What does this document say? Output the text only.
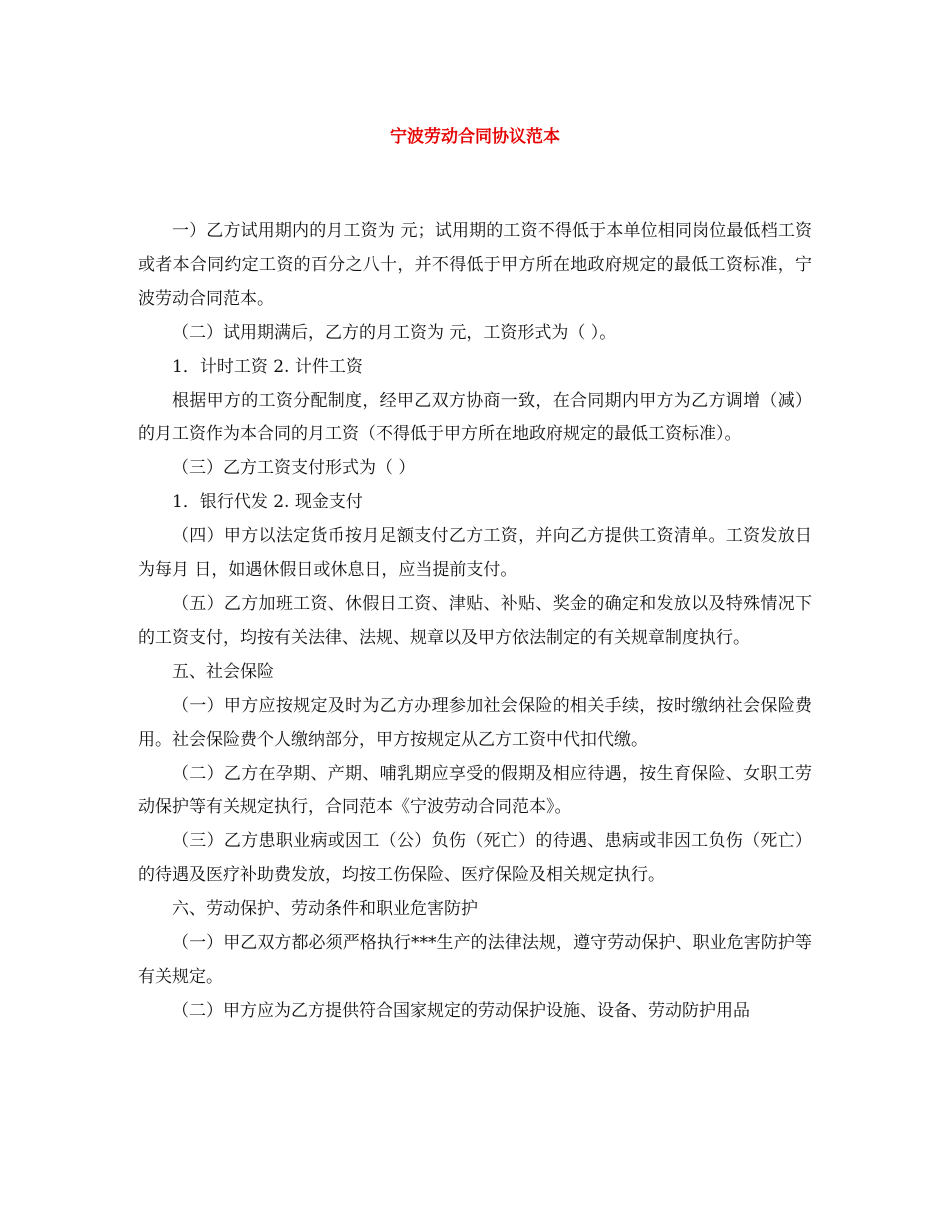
宁波劳动合同协议范本

一）乙方试用期内的月工资为 元；试用期的工资不得低于本单位相同岗位最低档工资或者本合同约定工资的百分之八十，并不得低于甲方所在地政府规定的最低工资标准，宁波劳动合同范本。

（二）试用期满后，乙方的月工资为 元，工资形式为（ ）。

1．计时工资 2. 计件工资

根据甲方的工资分配制度，经甲乙双方协商一致，在合同期内甲方为乙方调增（减）的月工资作为本合同的月工资（不得低于甲方所在地政府规定的最低工资标准）。

（三）乙方工资支付形式为（ ）

1．银行代发 2. 现金支付

（四）甲方以法定货币按月足额支付乙方工资，并向乙方提供工资清单。工资发放日为每月 日，如遇休假日或休息日，应当提前支付。

（五）乙方加班工资、休假日工资、津贴、补贴、奖金的确定和发放以及特殊情况下的工资支付，均按有关法律、法规、规章以及甲方依法制定的有关规章制度执行。

五、社会保险

（一）甲方应按规定及时为乙方办理参加社会保险的相关手续，按时缴纳社会保险费用。社会保险费个人缴纳部分，甲方按规定从乙方工资中代扣代缴。

（二）乙方在孕期、产期、哺乳期应享受的假期及相应待遇，按生育保险、女职工劳动保护等有关规定执行，合同范本《宁波劳动合同范本》。

（三）乙方患职业病或因工（公）负伤（死亡）的待遇、患病或非因工负伤（死亡）的待遇及医疗补助费发放，均按工伤保险、医疗保险及相关规定执行。

六、劳动保护、劳动条件和职业危害防护

（一）甲乙双方都必须严格执行***生产的法律法规，遵守劳动保护、职业危害防护等有关规定。

（二）甲方应为乙方提供符合国家规定的劳动保护设施、设备、劳动防护用品
